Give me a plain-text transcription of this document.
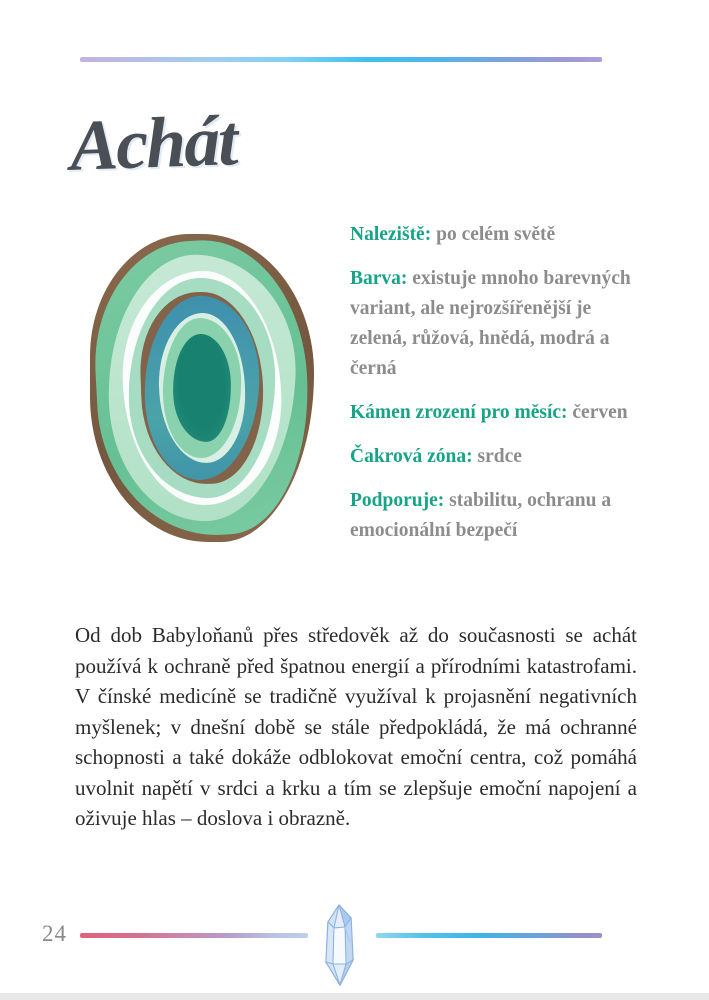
Achát

Naleziště: po celém světě

Barva: existuje mnoho barevných variant, ale nejrozšířenější je zelená, růžová, hnědá, modrá a černá

Kámen zrození pro měsíc: červen

Čakrová zóna: srdce

Podporuje: stabilitu, ochranu a emocionální bezpečí

Od dob Babyloňanů přes středověk až do současnosti se achát používá k ochraně před špatnou energií a přírodními katastrofami. V čínské medicíně se tradičně využíval k projasnění negativních myšlenek; v dnešní době se stále předpokládá, že má ochranné schopnosti a také dokáže odblokovat emoční centra, což pomáhá uvolnit napětí v srdci a krku a tím se zlepšuje emoční napojení a oživuje hlas – doslova i obrazně.

24
